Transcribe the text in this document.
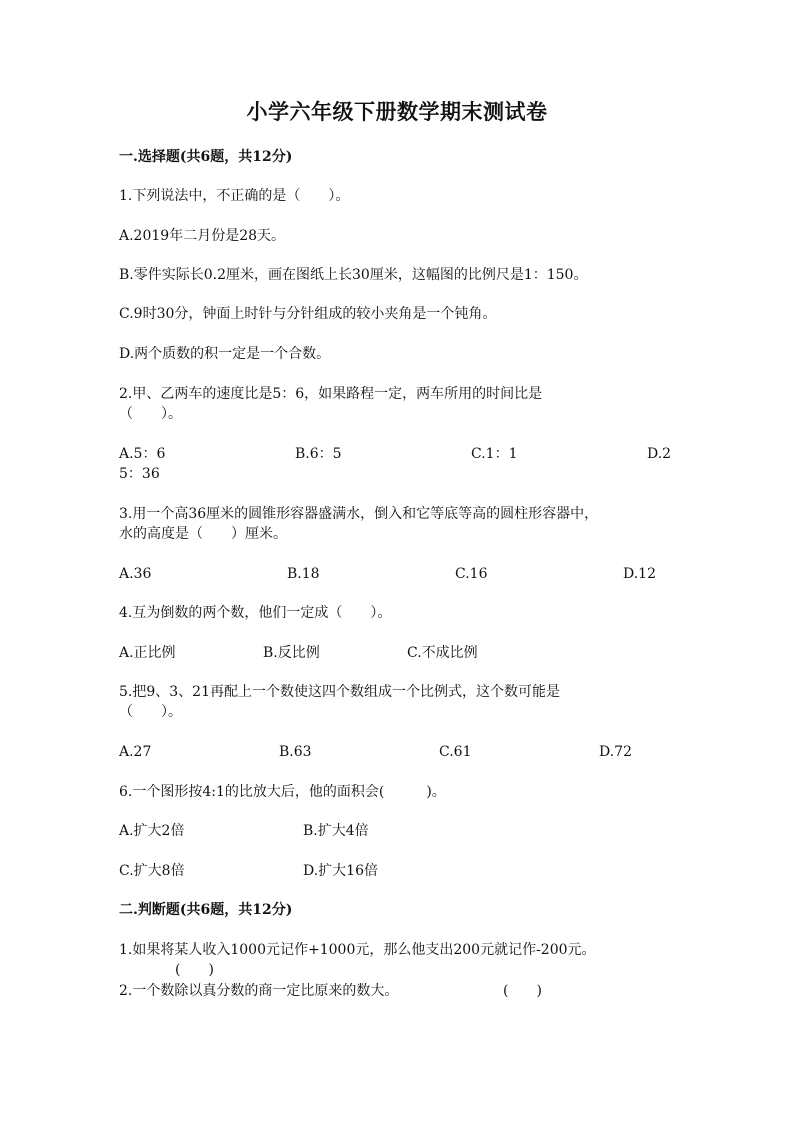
小学六年级下册数学期末测试卷
一.选择题(共6题，共12分)
1.下列说法中，不正确的是（　　）。
A.2019年二月份是28天。
B.零件实际长0.2厘米，画在图纸上长30厘米，这幅图的比例尺是1：150。
C.9时30分，钟面上时针与分针组成的较小夹角是一个钝角。
D.两个质数的积一定是一个合数。
2.甲、乙两车的速度比是5：6，如果路程一定，两车所用的时间比是
（　　）。
A.5：6	B.6：5	C.1：1	D.2
5：36
3.用一个高36厘米的圆锥形容器盛满水，倒入和它等底等高的圆柱形容器中，
水的高度是（　　）厘米。
A.36	B.18	C.16	D.12
4.互为倒数的两个数，他们一定成（　　）。
A.正比例	B.反比例	C.不成比例
5.把9、3、21再配上一个数使这四个数组成一个比例式，这个数可能是
（　　）。
A.27	B.63	C.61	D.72
6.一个图形按4:1的比放大后，他的面积会(　　　)。
A.扩大2倍	B.扩大4倍
C.扩大8倍	D.扩大16倍
二.判断题(共6题，共12分)
1.如果将某人收入1000元记作+1000元，那么他支出200元就记作-200元。
(　　)
2.一个数除以真分数的商一定比原来的数大。	(　　)
